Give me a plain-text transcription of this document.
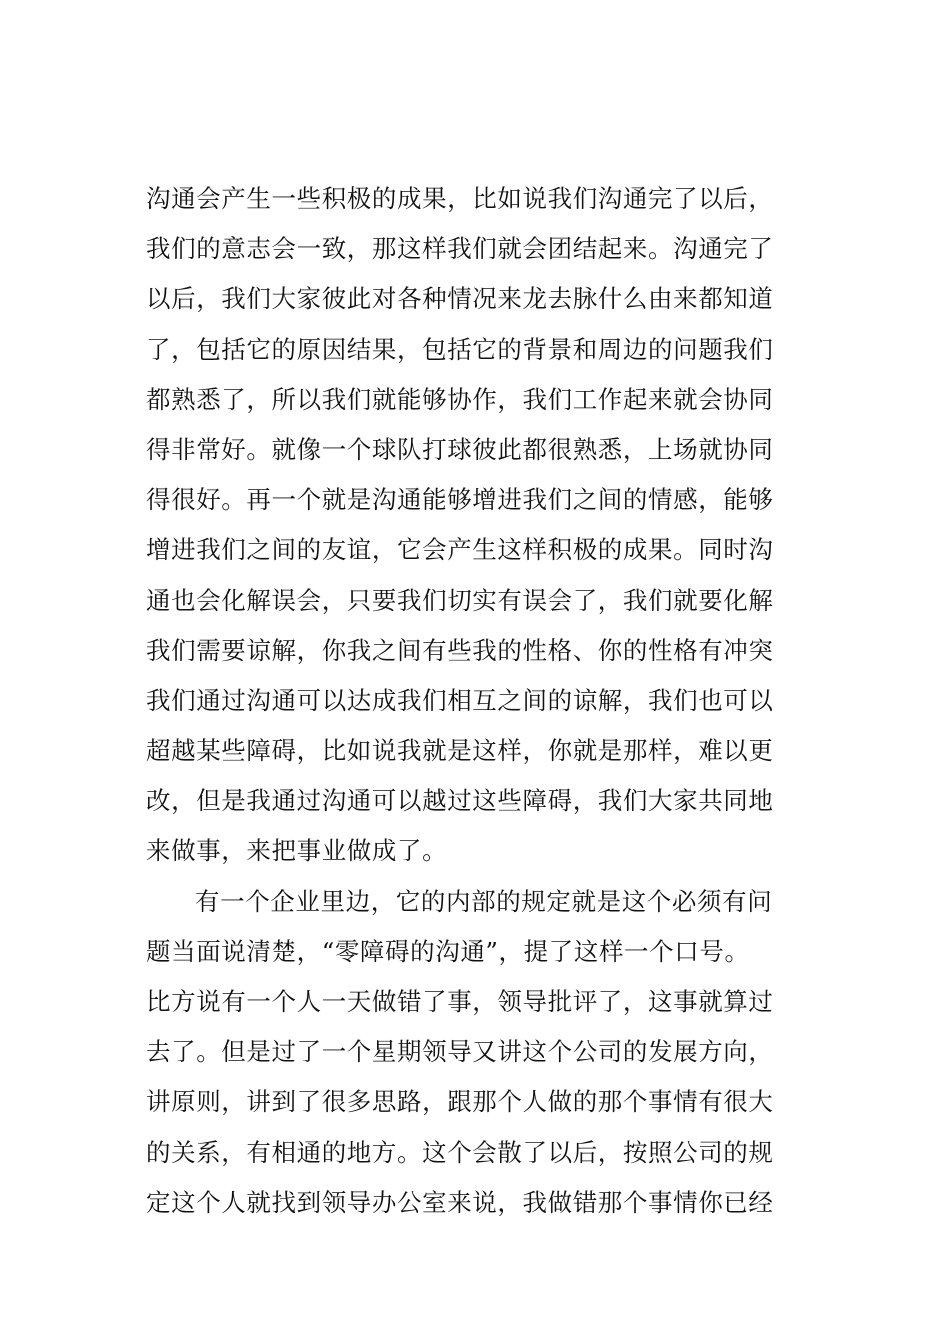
沟通会产生一些积极的成果，比如说我们沟通完了以后，
我们的意志会一致，那这样我们就会团结起来。沟通完了
以后，我们大家彼此对各种情况来龙去脉什么由来都知道
了，包括它的原因结果，包括它的背景和周边的问题我们
都熟悉了，所以我们就能够协作，我们工作起来就会协同
得非常好。就像一个球队打球彼此都很熟悉，上场就协同
得很好。再一个就是沟通能够增进我们之间的情感，能够
增进我们之间的友谊，它会产生这样积极的成果。同时沟
通也会化解误会，只要我们切实有误会了，我们就要化解
我们需要谅解，你我之间有些我的性格、你的性格有冲突
我们通过沟通可以达成我们相互之间的谅解，我们也可以
超越某些障碍，比如说我就是这样，你就是那样，难以更
改，但是我通过沟通可以越过这些障碍，我们大家共同地
来做事，来把事业做成了。
有一个企业里边，它的内部的规定就是这个必须有问
题当面说清楚，“零障碍的沟通”，提了这样一个口号。
比方说有一个人一天做错了事，领导批评了，这事就算过
去了。但是过了一个星期领导又讲这个公司的发展方向，
讲原则，讲到了很多思路，跟那个人做的那个事情有很大
的关系，有相通的地方。这个会散了以后，按照公司的规
定这个人就找到领导办公室来说，我做错那个事情你已经
